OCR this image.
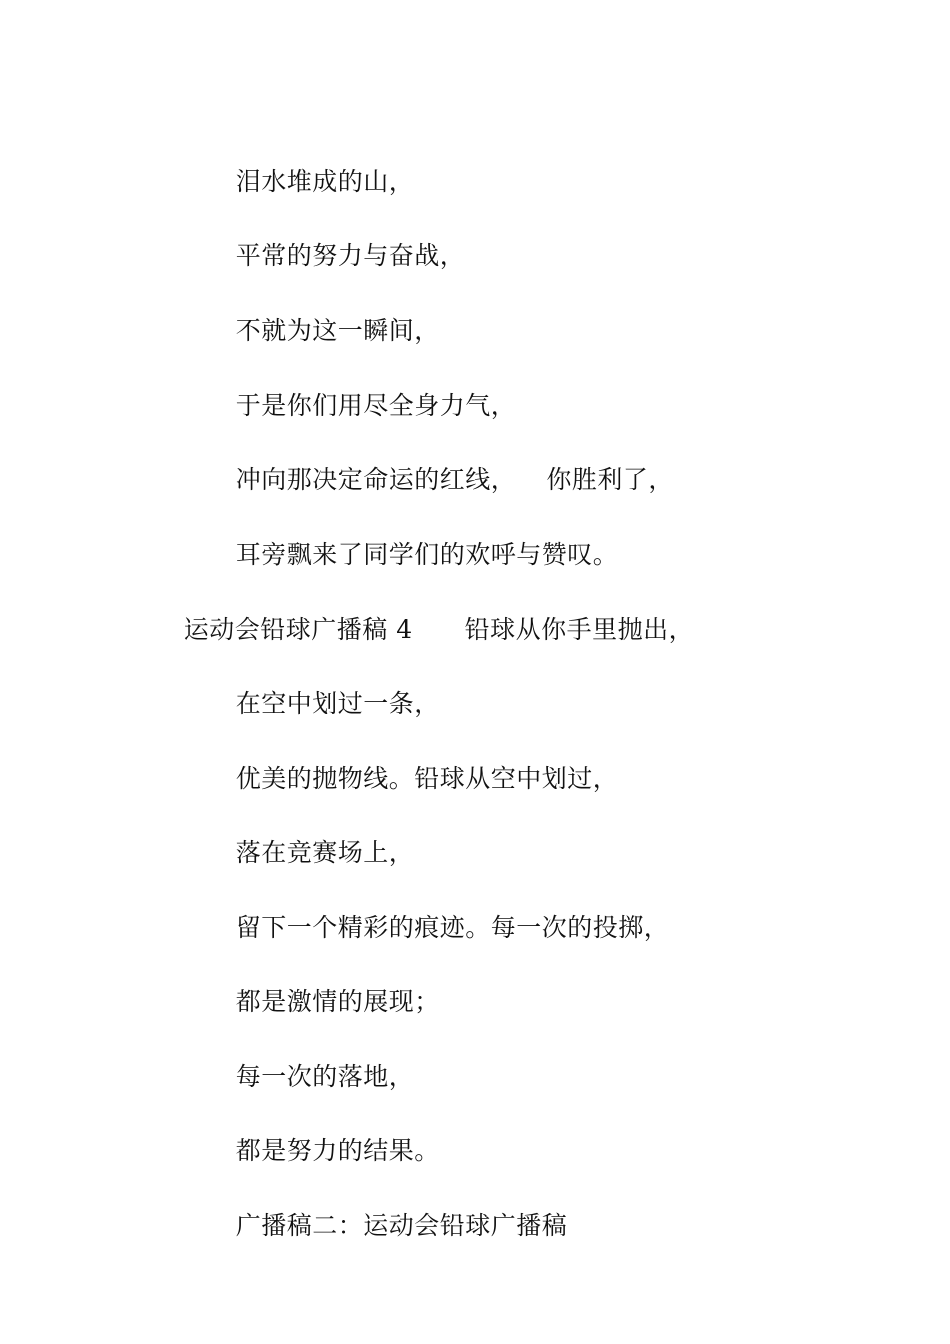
泪水堆成的山，

平常的努力与奋战，

不就为这一瞬间，

于是你们用尽全身力气，

冲向那决定命运的红线， 你胜利了，

耳旁飘来了同学们的欢呼与赞叹。

运动会铅球广播稿 4 铅球从你手里抛出，

在空中划过一条，

优美的抛物线。铅球从空中划过，

落在竞赛场上，

留下一个精彩的痕迹。每一次的投掷，

都是激情的展现；

每一次的落地，

都是努力的结果。

广播稿二：运动会铅球广播稿
